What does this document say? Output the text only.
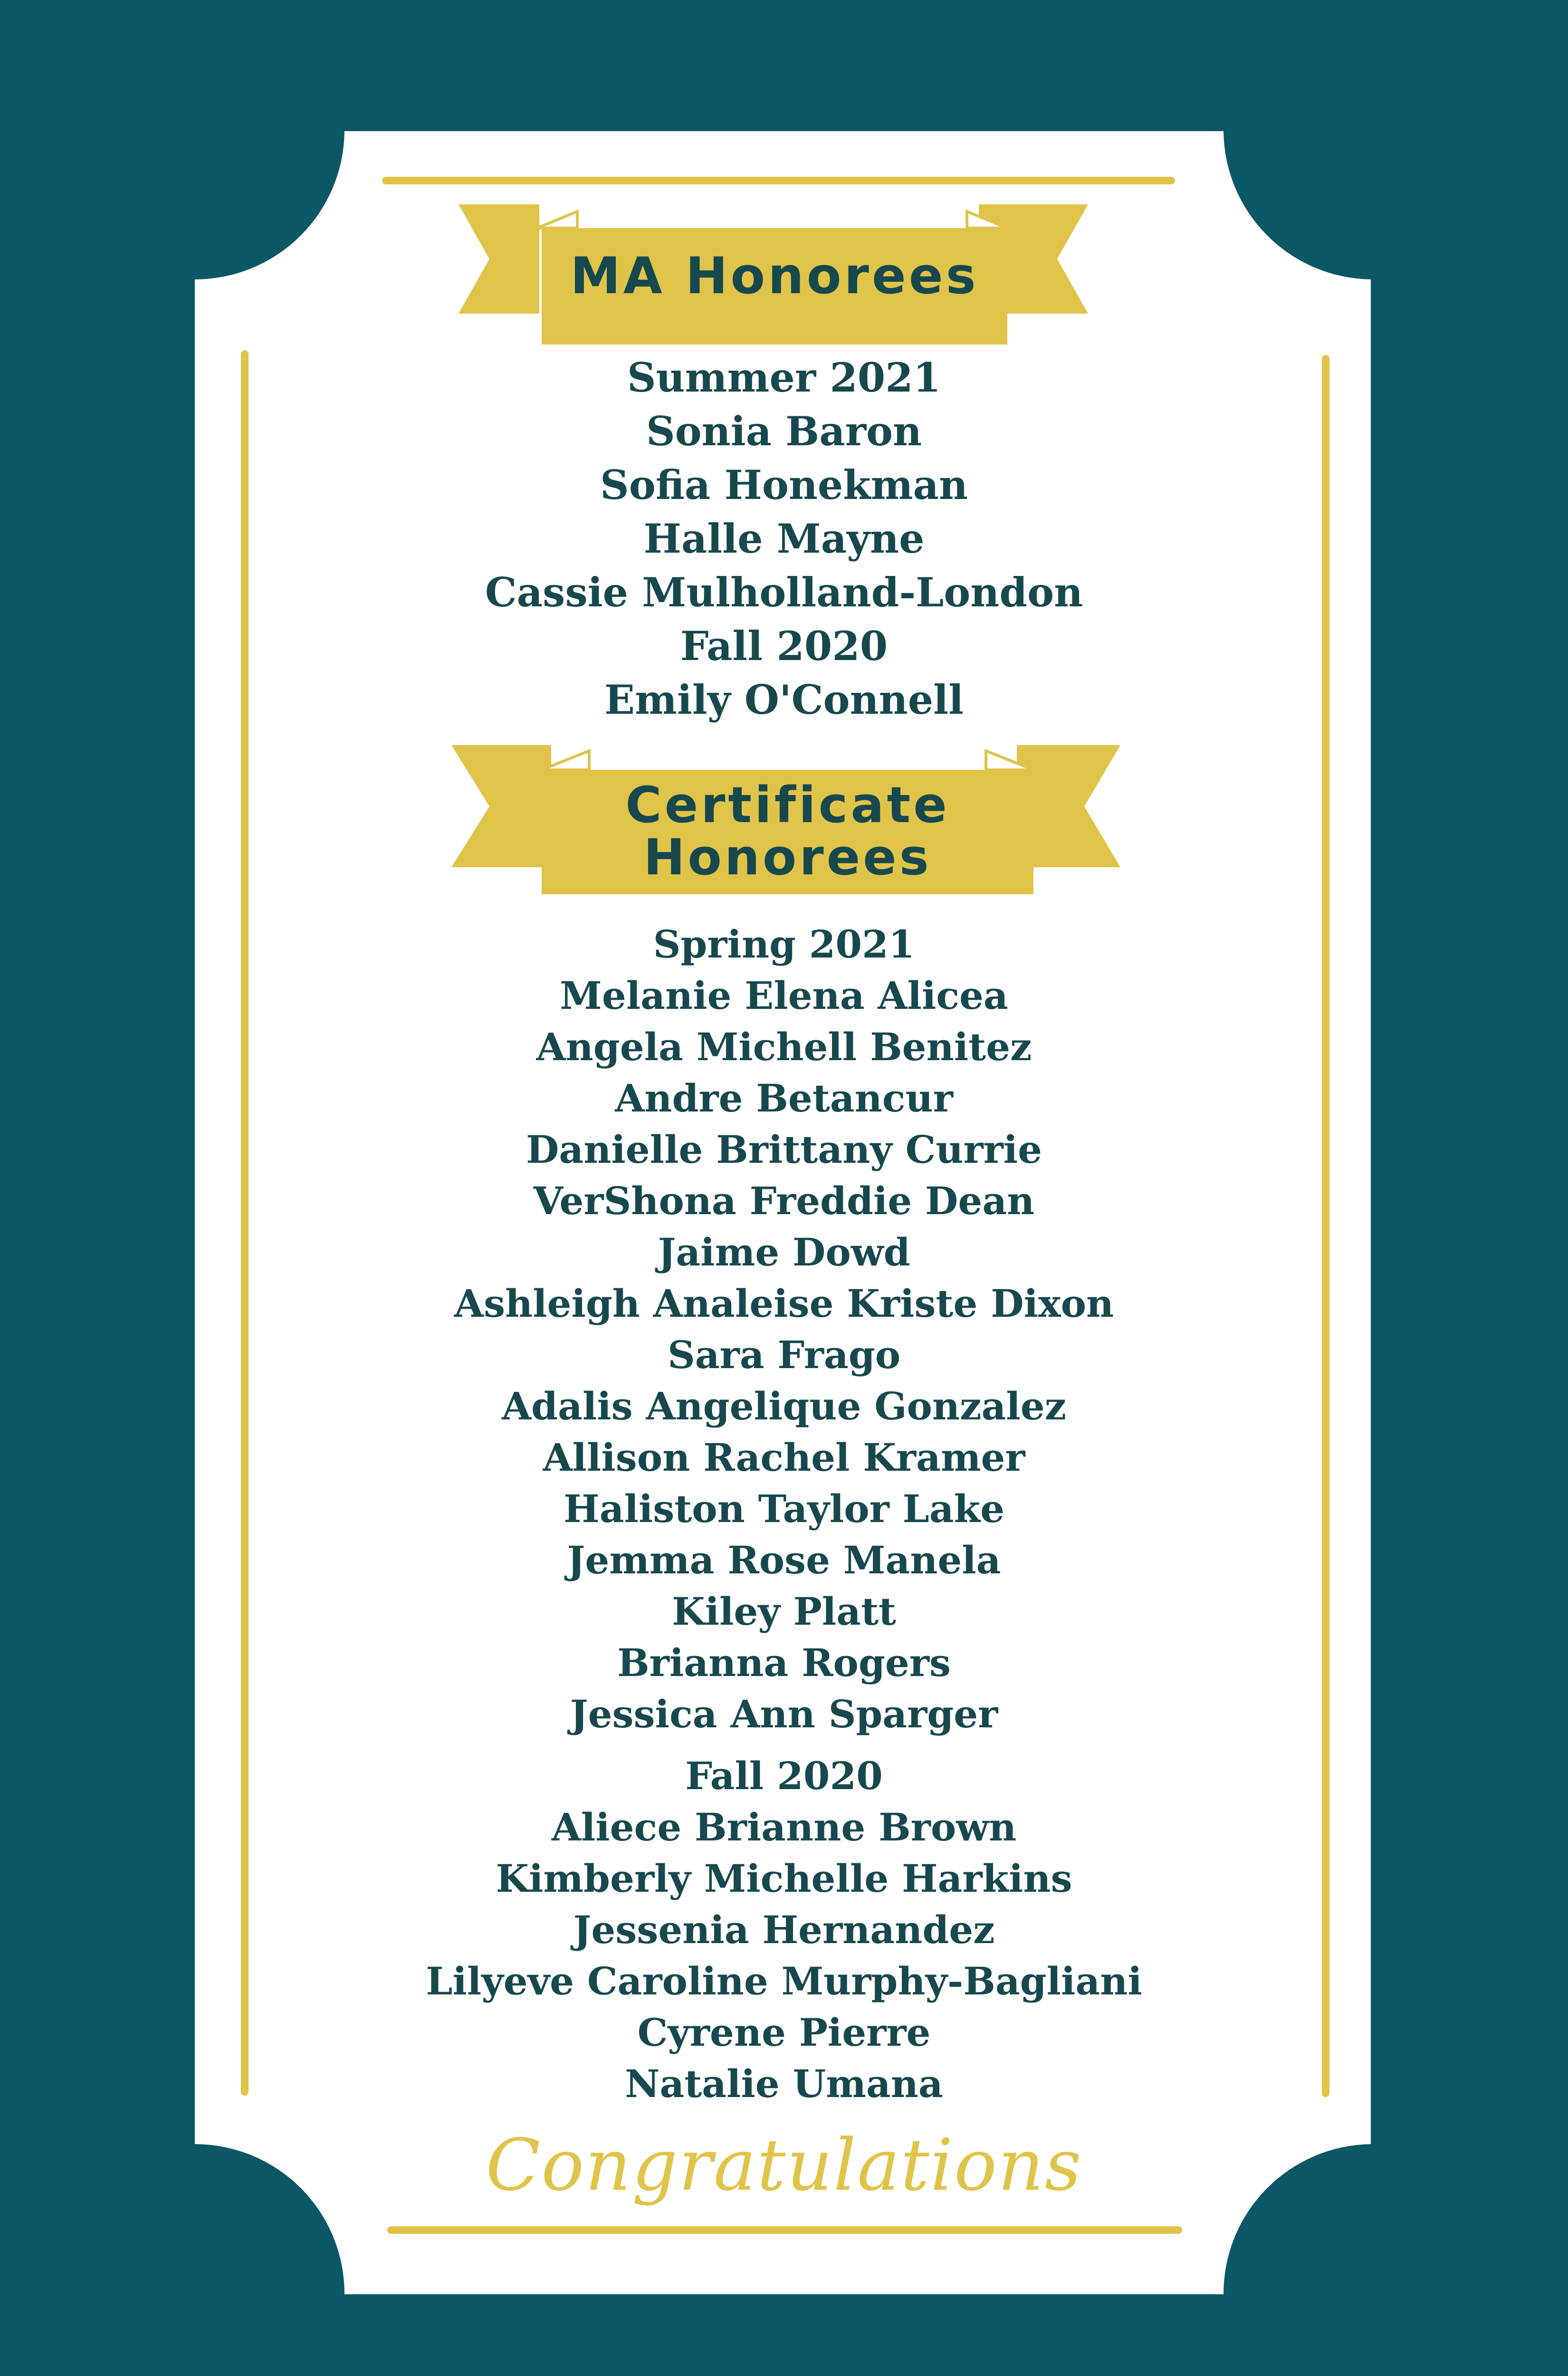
MA Honorees
Certificate
Honorees
Summer 2021
Sonia Baron
Sofia Honekman
Halle Mayne
Cassie Mulholland-London
Fall 2020
Emily O'Connell
Spring 2021
Melanie Elena Alicea
Angela Michell Benitez
Andre Betancur
Danielle Brittany Currie
VerShona Freddie Dean
Jaime Dowd
Ashleigh Analeise Kriste Dixon
Sara Frago
Adalis Angelique Gonzalez
Allison Rachel Kramer
Haliston Taylor Lake
Jemma Rose Manela
Kiley Platt
Brianna Rogers
Jessica Ann Sparger
Fall 2020
Aliece Brianne Brown
Kimberly Michelle Harkins
Jessenia Hernandez
Lilyeve Caroline Murphy-Bagliani
Cyrene Pierre
Natalie Umana
Congratulations
